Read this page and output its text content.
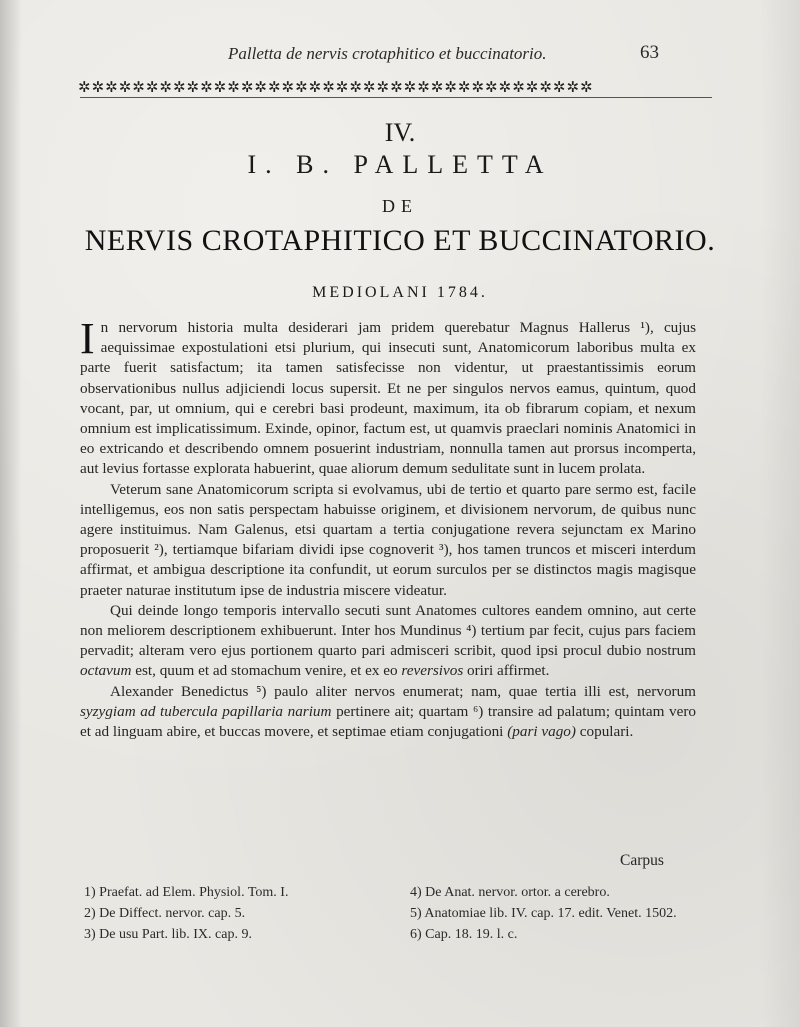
Palletta de nervis crotaphitico et buccinatorio.	63
✲✲✲✲✲✲✲✲✲✲✲✲✲✲✲✲✲✲✲✲✲✲✲✲✲✲✲✲✲✲✲✲✲✲✲✲✲✲
IV.
I. B. PALLETTA
DE
NERVIS CROTAPHITICO ET BUCCINATORIO.
MEDIOLANI 1784.

In nervorum historia multa desiderari jam pridem querebatur Magnus Hallerus ¹), cujus aequissimae expostulationi etsi plurium, qui insecuti sunt, Anatomicorum laboribus multa ex parte fuerit satisfactum; ita tamen satisfecisse non videntur, ut praestantissimis eorum observationibus nullus adjiciendi locus supersit. Et ne per singulos nervos eamus, quintum, quod vocant, par, ut omnium, qui e cerebri basi prodeunt, maximum, ita ob fibrarum copiam, et nexum omnium est implicatissimum. Exinde, opinor, factum est, ut quamvis praeclari nominis Anatomici in eo extricando et describendo omnem posuerint industriam, nonnulla tamen aut prorsus incomperta, aut levius fortasse explorata habuerint, quae aliorum demum sedulitate sunt in lucem prolata.

Veterum sane Anatomicorum scripta si evolvamus, ubi de tertio et quarto pare sermo est, facile intelligemus, eos non satis perspectam habuisse originem, et divisionem nervorum, de quibus nunc agere instituimus. Nam Galenus, etsi quartam a tertia conjugatione revera sejunctam ex Marino proposuerit ²), tertiamque bifariam dividi ipse cognoverit ³), hos tamen truncos et misceri interdum affirmat, et ambigua descriptione ita confundit, ut eorum surculos per se distinctos magis magisque praeter naturae institutum ipse de industria miscere videatur.

Qui deinde longo temporis intervallo secuti sunt Anatomes cultores eandem omnino, aut certe non meliorem descriptionem exhibuerunt. Inter hos Mundinus ⁴) tertium par fecit, cujus pars faciem pervadit; alteram vero ejus portionem quarto pari admisceri scribit, quod ipsi procul dubio nostrum octavum est, quum et ad stomachum venire, et ex eo reversivos oriri affirmet.

Alexander Benedictus ⁵) paulo aliter nervos enumerat; nam, quae tertia illi est, nervorum syzygiam ad tubercula papillaria narium pertinere ait; quartam ⁶) transire ad palatum; quintam vero et ad linguam abire, et buccas movere, et septimae etiam conjugationi (pari vago) copulari.

Carpus
1) Praefat. ad Elem. Physiol. Tom. I.
2) De Diffect. nervor. cap. 5.
3) De usu Part. lib. IX. cap. 9.
4) De Anat. nervor. ortor. a cerebro.
5) Anatomiae lib. IV. cap. 17. edit. Venet. 1502.
6) Cap. 18. 19. l. c.
